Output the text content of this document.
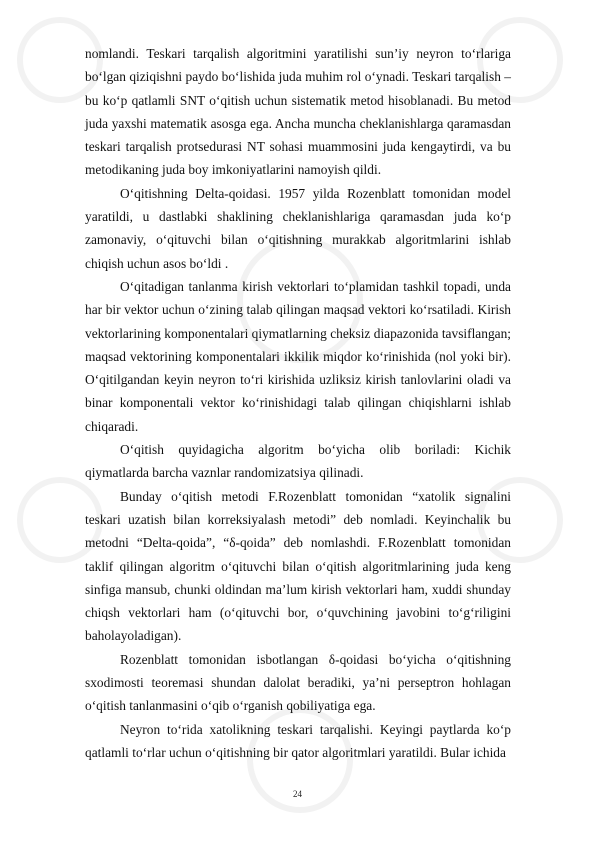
nomlandi. Teskari tarqalish algoritmini yaratilishi sun’iy neyron to‘rlariga bo‘lgan qiziqishni paydo bo‘lishida juda muhim rol o‘ynadi. Teskari tarqalish – bu ko‘p qatlamli SNT o‘qitish uchun sistematik metod hisoblanadi. Bu metod juda yaxshi matematik asosga ega. Ancha muncha cheklanishlarga qaramasdan teskari tarqalish protsedurasi NT sohasi muammosini juda kengaytirdi, va bu metodikaning juda boy imkoniyatlarini namoyish qildi.

O‘qitishning Delta-qoidasi. 1957 yilda Rozenblatt tomonidan model yaratildi, u dastlabki shaklining cheklanishlariga qaramasdan juda ko‘p zamonaviy, o‘qituvchi bilan o‘qitishning murakkab algoritmlarini ishlab chiqish uchun asos bo‘ldi .

O‘qitadigan tanlanma kirish vektorlari to‘plamidan tashkil topadi, unda har bir vektor uchun o‘zining talab qilingan maqsad vektori ko‘rsatiladi. Kirish vektorlarining komponentalari qiymatlarning cheksiz diapazonida tavsiflangan; maqsad vektorining komponentalari ikkilik miqdor ko‘rinishida (nol yoki bir). O‘qitilgandan keyin neyron to‘ri kirishida uzliksiz kirish tanlovlarini oladi va binar komponentali vektor ko‘rinishidagi talab qilingan chiqishlarni ishlab chiqaradi.

O‘qitish quyidagicha algoritm bo‘yicha olib boriladi: Kichik qiymatlarda barcha vaznlar randomizatsiya qilinadi.

Bunday o‘qitish metodi F.Rozenblatt tomonidan “xatolik signalini teskari uzatish bilan korreksiyalash metodi” deb nomladi. Keyinchalik bu metodni “Delta-qoida”, “δ-qoida” deb nomlashdi. F.Rozenblatt tomonidan taklif qilingan algoritm o‘qituvchi bilan o‘qitish algoritmlarining juda keng sinfiga mansub, chunki oldindan ma’lum kirish vektorlari ham, xuddi shunday chiqsh vektorlari ham (o‘qituvchi bor, o‘quvchining javobini to‘g‘riligini baholayoladigan).

Rozenblatt tomonidan isbotlangan δ-qoidasi bo‘yicha o‘qitishning sxodimosti teoremasi shundan dalolat beradiki, ya’ni perseptron hohlagan o‘qitish tanlanmasini o‘qib o‘rganish qobiliyatiga ega.

Neyron to‘rida xatolikning teskari tarqalishi. Keyingi paytlarda ko‘p qatlamli to‘rlar uchun o‘qitishning bir qator algoritmlari yaratildi. Bular ichida

24
